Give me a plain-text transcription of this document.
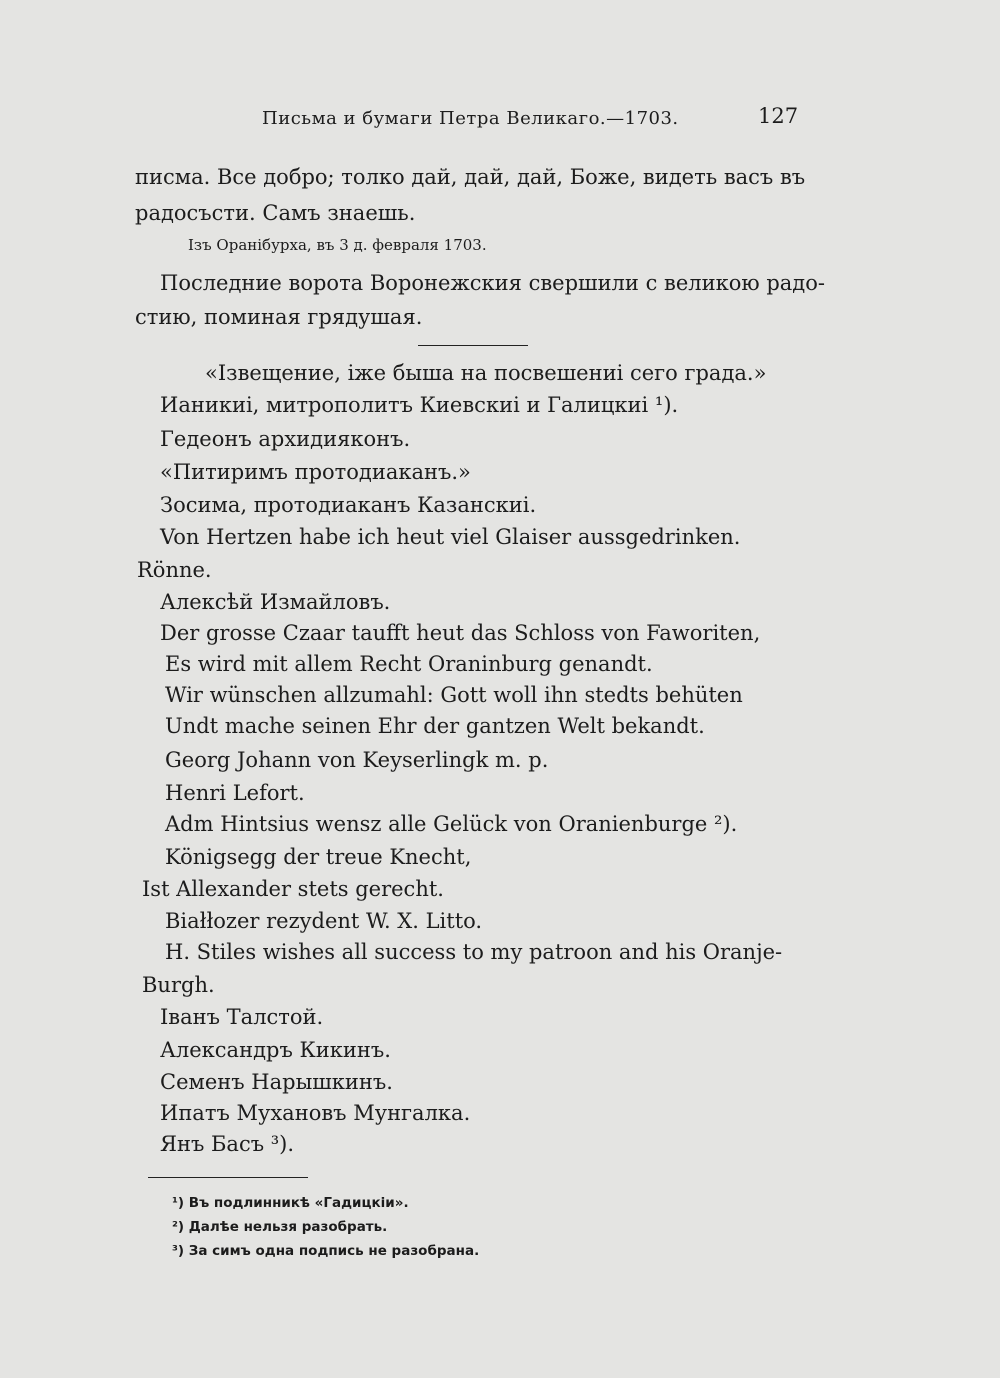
Письма и бумаги Петра Великаго.—1703.	127
писма. Все добро; толко дай, дай, дай, Боже, видеть васъ въ
радосъсти. Самъ знаешь.
Iзъ Оранiбурха, въ 3 д. февраля 1703.
Последние ворота Воронежския свершили с великою радо-
стию, поминая грядушая.
«Iзвещение, iже быша на посвешениi сего града.»
Ианикиi, митрополитъ Киевскиi и Галицкиi ¹).
Гедеонъ архидияконъ.
«Питиримъ протодиаканъ.»
Зосима, протодиаканъ Казанскиi.
Von Hertzen habe ich heut viel Glaiser aussgedrinken.
Rönne.
Алексѣй Измайловъ.
Der grosse Czaar taufft heut das Schloss von Faworiten,
Es wird mit allem Recht Oraninburg genandt.
Wir wünschen allzumahl: Gott woll ihn stedts behüten
Undt mache seinen Ehr der gantzen Welt bekandt.
Georg Johann von Keyserlingk m. p.
Henri Lefort.
Adm Hintsius wensz alle Gelück von Oranienburge ²).
Königsegg der treue Knecht,
Ist Allexander stets gerecht.
Białłozer rezydent W. X. Litto.
H. Stiles wishes all success to my patroon and his Oranje-
Burgh.
Iванъ Талстой.
Александръ Кикинъ.
Семенъ Нарышкинъ.
Ипатъ Мухановъ Мунгалка.
Янъ Басъ ³).
¹) Въ подлинникѣ «Гадицкiи».
²) Далѣе нельзя разобрать.
³) За симъ одна подпись не разобрана.
